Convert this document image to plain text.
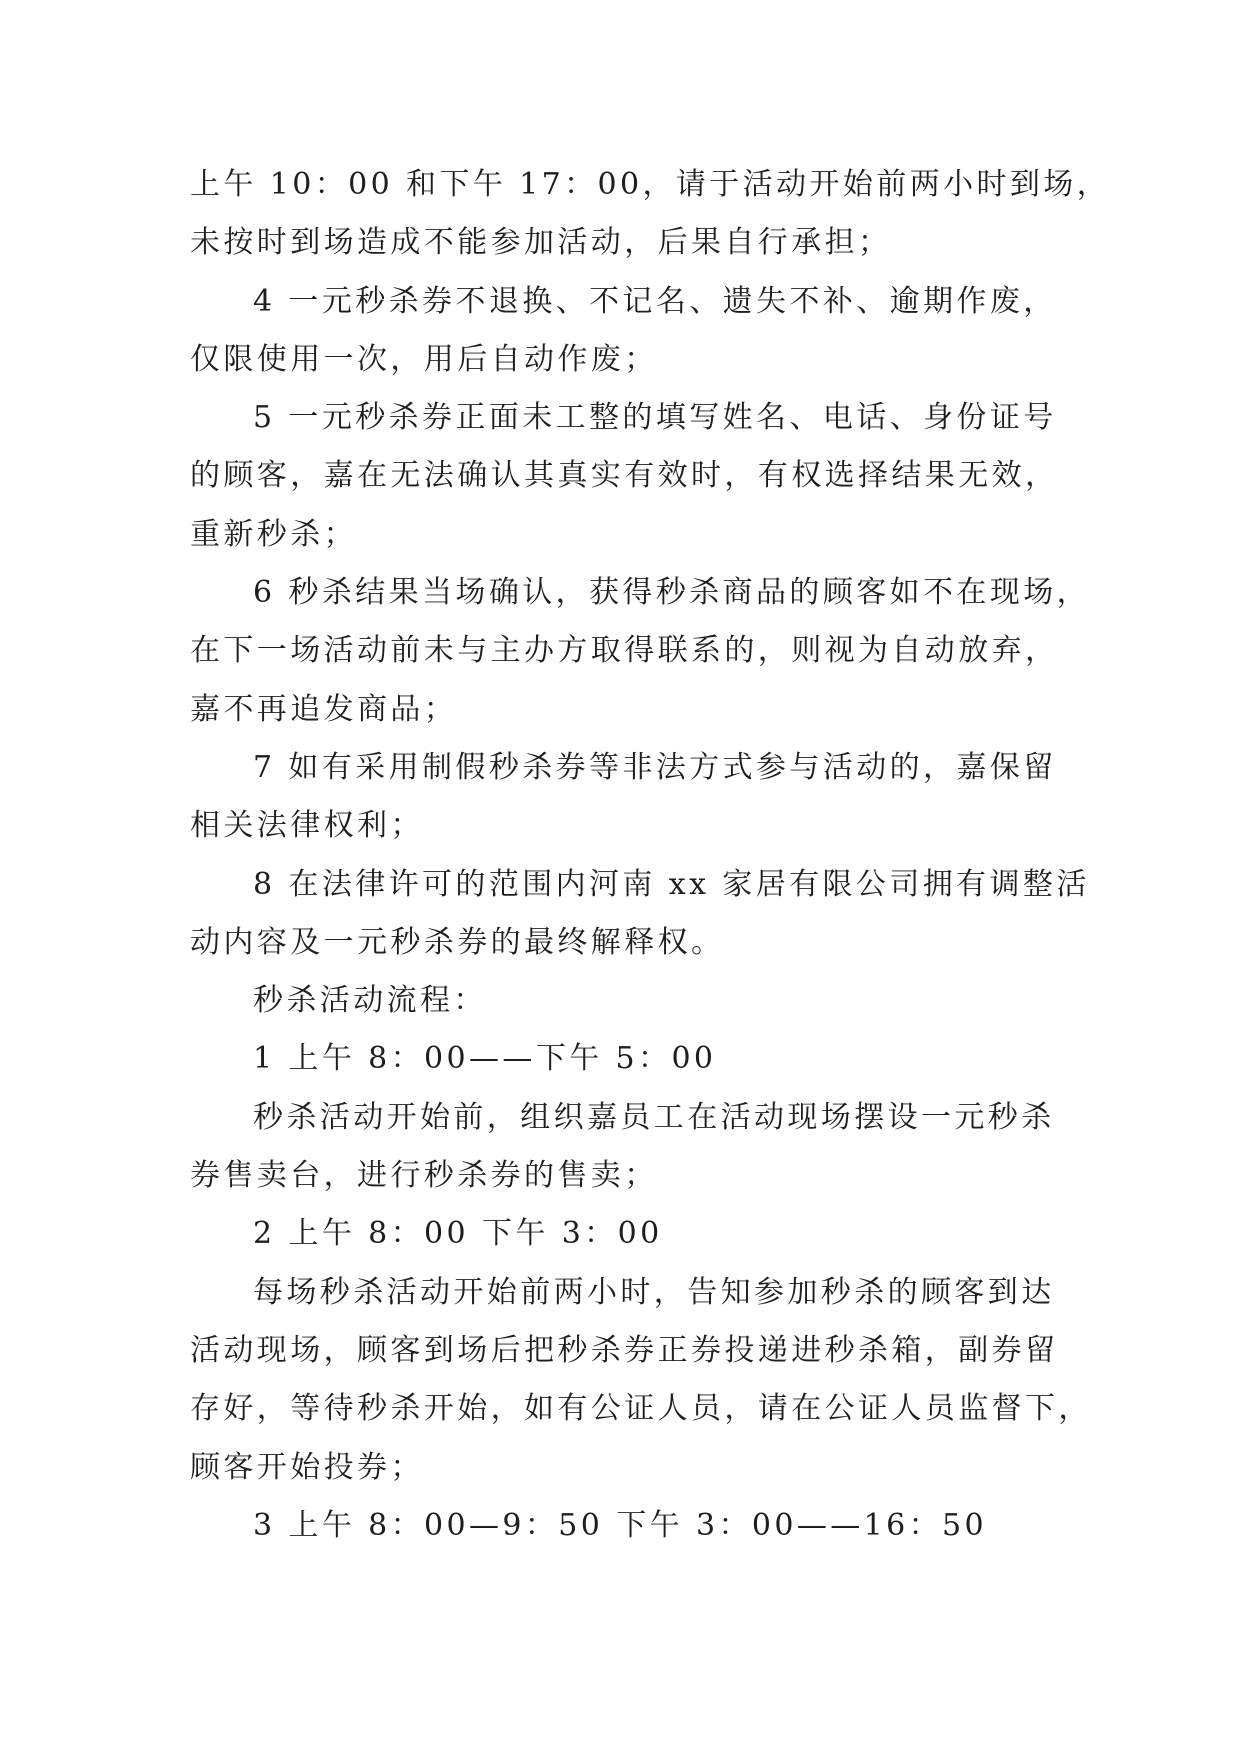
上午 10：00 和下午 17：00，请于活动开始前两小时到场，

未按时到场造成不能参加活动，后果自行承担；

4 一元秒杀券不退换、不记名、遗失不补、逾期作废，

仅限使用一次，用后自动作废；

5 一元秒杀券正面未工整的填写姓名、电话、身份证号

的顾客，嘉在无法确认其真实有效时，有权选择结果无效，

重新秒杀；

6 秒杀结果当场确认，获得秒杀商品的顾客如不在现场，

在下一场活动前未与主办方取得联系的，则视为自动放弃，

嘉不再追发商品；

7 如有采用制假秒杀券等非法方式参与活动的，嘉保留

相关法律权利；

8 在法律许可的范围内河南 xx 家居有限公司拥有调整活

动内容及一元秒杀券的最终解释权。

秒杀活动流程：

1 上午 8：00——下午 5：00

秒杀活动开始前，组织嘉员工在活动现场摆设一元秒杀

券售卖台，进行秒杀券的售卖；

2 上午 8：00 下午 3：00

每场秒杀活动开始前两小时，告知参加秒杀的顾客到达

活动现场，顾客到场后把秒杀券正券投递进秒杀箱，副券留

存好，等待秒杀开始，如有公证人员，请在公证人员监督下，

顾客开始投券；

3 上午 8：00—9：50 下午 3：00——16：50
